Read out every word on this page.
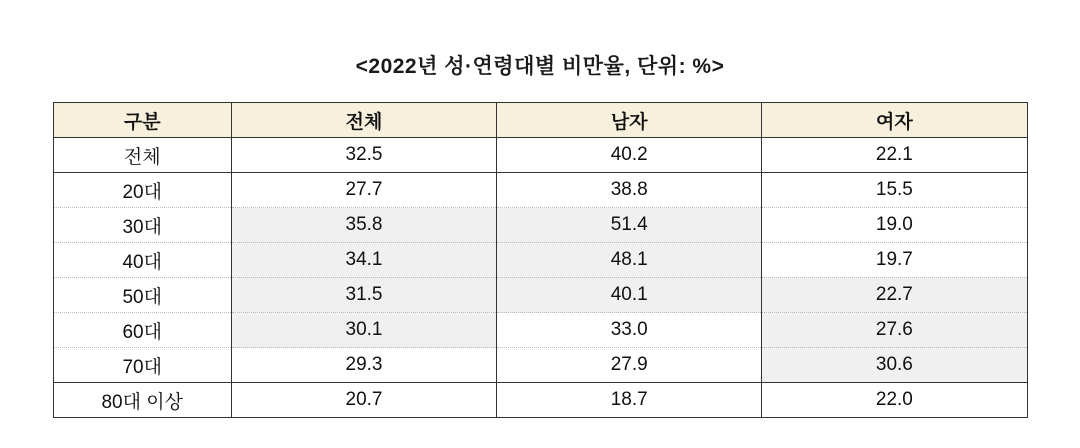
<2022년 성·연령대별 비만율, 단위: %>
구분	전체	남자	여자
전체	32.5	40.2	22.1
20대	27.7	38.8	15.5
30대	35.8	51.4	19.0
40대	34.1	48.1	19.7
50대	31.5	40.1	22.7
60대	30.1	33.0	27.6
70대	29.3	27.9	30.6
80대 이상	20.7	18.7	22.0
